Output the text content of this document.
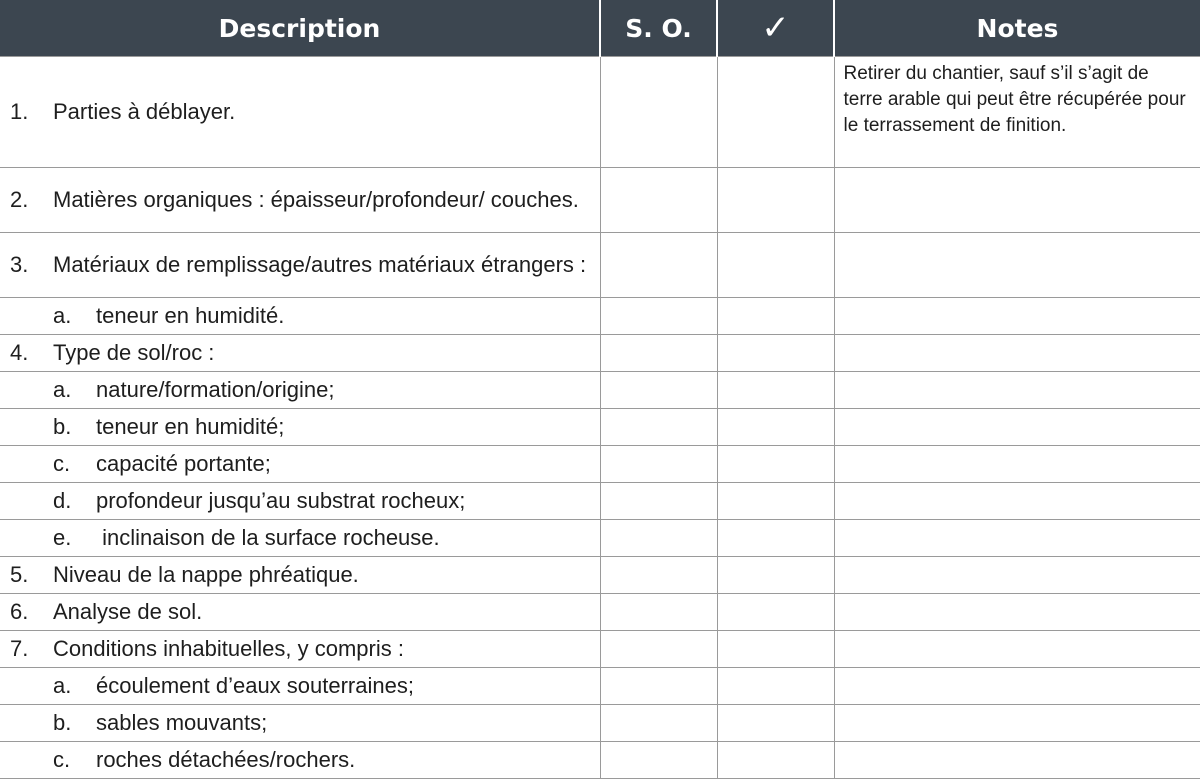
Description	S. O.	✓	Notes

1. Parties à déblayer.			Retirer du chantier, sauf s’il s’agit de terre arable qui peut être récupérée pour le terrassement de finition.

2. Matières organiques : épaisseur/profondeur/ couches.			

3. Matériaux de remplissage/autres matériaux étrangers :			

a. teneur en humidité.			

4. Type de sol/roc :			

a. nature/formation/origine;			

b. teneur en humidité;			

c. capacité portante;			

d. profondeur jusqu’au substrat rocheux;			

e. inclinaison de la surface rocheuse.			

5. Niveau de la nappe phréatique.			

6. Analyse de sol.			

7. Conditions inhabituelles, y compris :			

a. écoulement d’eaux souterraines;			

b. sables mouvants;			

c. roches détachées/rochers.			
